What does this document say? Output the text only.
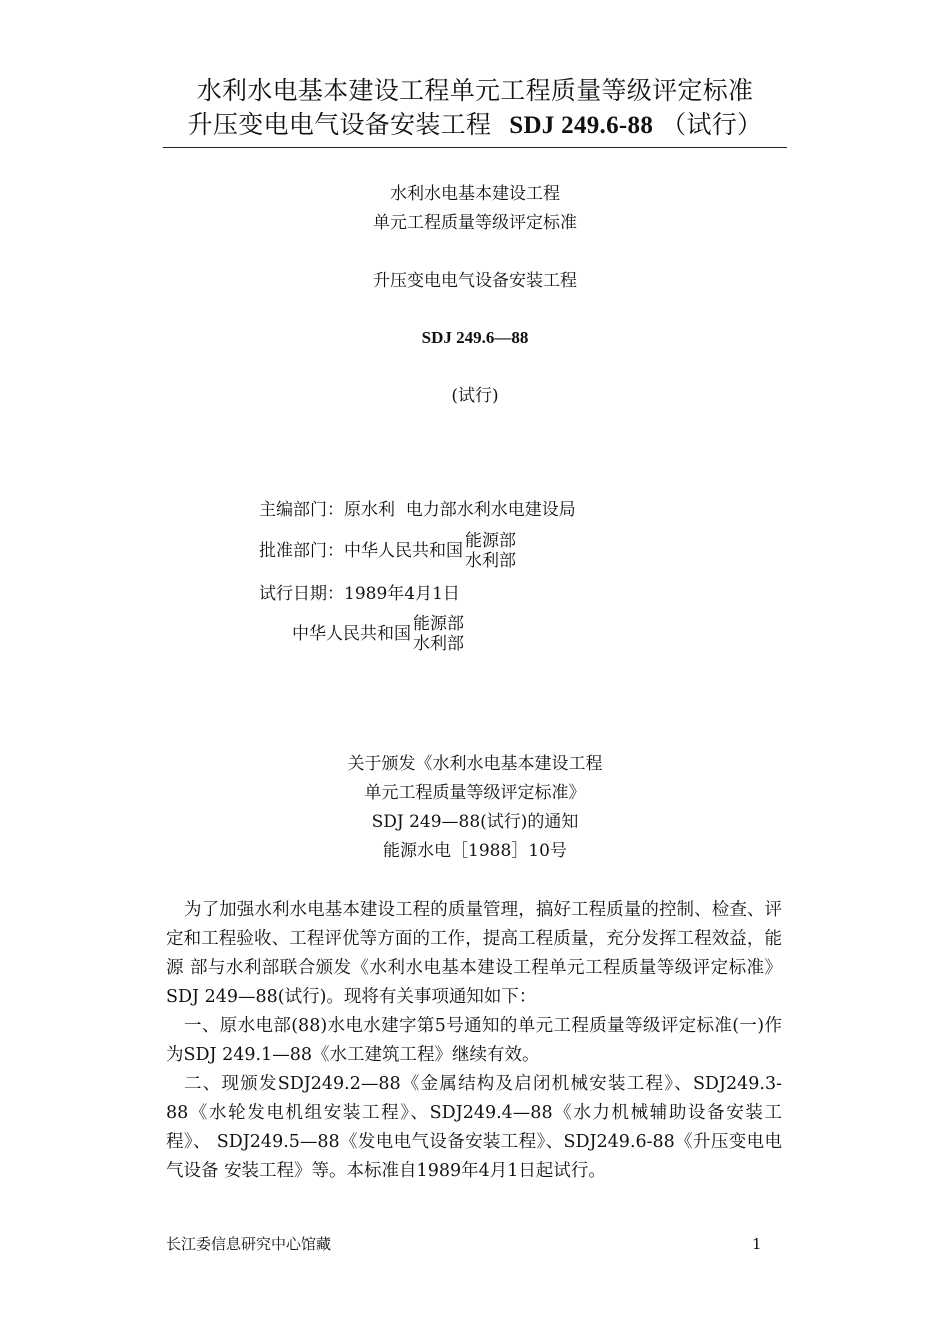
水利水电基本建设工程单元工程质量等级评定标准
升压变电电气设备安装工程 SDJ 249.6-88 （试行）
水利水电基本建设工程
单元工程质量等级评定标准
升压变电电气设备安装工程
SDJ 249.6—88
(试行)
主编部门： 原水利  电力部水利水电建设局
批准部门： 中华人民共和国 能源部
水利部
试行日期： 1989年4月1日
中华人民共和国 能源部
水利部
关于颁发《水利水电基本建设工程
单元工程质量等级评定标准》
SDJ 249—88(试行)的通知
能源水电［1988］10号

为了加强水利水电基本建设工程的质量管理，搞好工程质量的控制、检查、评 定和工程验收、工程评优等方面的工作，提高工程质量，充分发挥工程效益，能源 部与水利部联合颁发《水利水电基本建设工程单元工程质量等级评定标准》SDJ 249—88(试行)。现将有关事项通知如下：

一、原水电部(88)水电水建字第5号通知的单元工程质量等级评定标准(一)作 为SDJ 249.1—88《水工建筑工程》继续有效。

二、现颁发SDJ249.2—88《金属结构及启闭机械安装工程》、SDJ249.3- 88《水轮发电机组安装工程》、SDJ249.4—88《水力机械辅助设备安装工程》、 SDJ249.5—88《发电电气设备安装工程》、SDJ249.6-88《升压变电电气设备 安装工程》等。本标准自1989年4月1日起试行。

长江委信息研究中心馆藏	1
